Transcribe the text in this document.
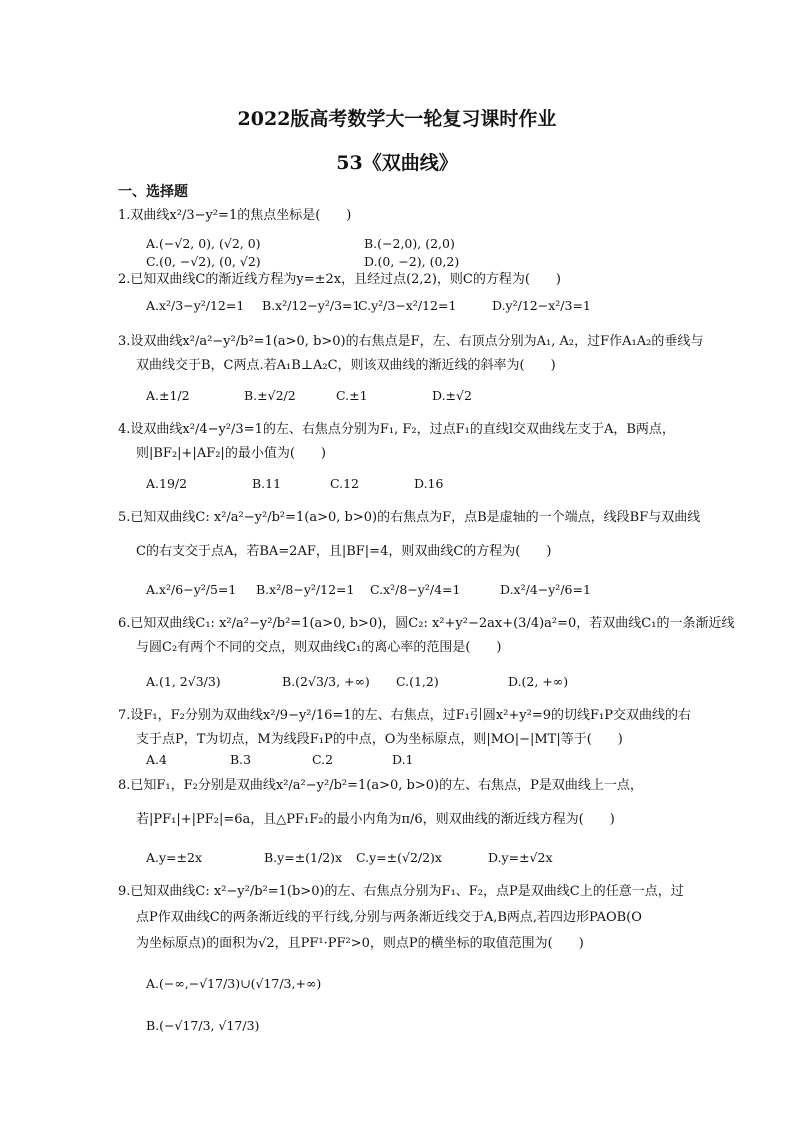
2022版高考数学大一轮复习课时作业
53《双曲线》
一、选择题
1.双曲线x²/3−y²=1的焦点坐标是(　　)
A.(−√2, 0), (√2, 0)	B.(−2,0), (2,0)
C.(0, −√2), (0, √2)	D.(0, −2), (0,2)
2.已知双曲线C的渐近线方程为y=±2x，且经过点(2,2)，则C的方程为(　　)
A.x²/3−y²/12=1 B.x²/12−y²/3=1
C.y²/3−x²/12=1	D.y²/12−x²/3=1
3.设双曲线x²/a²−y²/b²=1(a>0, b>0)的右焦点是F，左、右顶点分别为A₁, A₂，过F作A₁A₂的垂线与
双曲线交于B，C两点.若A₁B⊥A₂C，则该双曲线的渐近线的斜率为(　　)
A.±1/2	B.±√2/2	C.±1	D.±√2
4.设双曲线x²/4−y²/3=1的左、右焦点分别为F₁, F₂，过点F₁的直线l交双曲线左支于A，B两点，
则|BF₂|+|AF₂|的最小值为(　　)
A.19/2	B.11	C.12	D.16
5.已知双曲线C: x²/a²−y²/b²=1(a>0, b>0)的右焦点为F，点B是虚轴的一个端点，线段BF与双曲线
C的右支交于点A，若BA=2AF，且|BF|=4，则双曲线C的方程为(　　)
A.x²/6−y²/5=1 B.x²/8−y²/12=1 C.x²/8−y²/4=1	D.x²/4−y²/6=1
6.已知双曲线C₁: x²/a²−y²/b²=1(a>0, b>0)，圆C₂: x²+y²−2ax+(3/4)a²=0，若双曲线C₁的一条渐近线
与圆C₂有两个不同的交点，则双曲线C₁的离心率的范围是(　　)
A.(1, 2√3/3)	B.(2√3/3, +∞) C.(1,2)	D.(2, +∞)
7.设F₁，F₂分别为双曲线x²/9−y²/16=1的左、右焦点，过F₁引圆x²+y²=9的切线F₁P交双曲线的右
支于点P，T为切点，M为线段F₁P的中点，O为坐标原点，则|MO|−|MT|等于(　　)
A.4	B.3	C.2	D.1
8.已知F₁，F₂分别是双曲线x²/a²−y²/b²=1(a>0, b>0)的左、右焦点，P是双曲线上一点，
若|PF₁|+|PF₂|=6a，且△PF₁F₂的最小内角为π/6，则双曲线的渐近线方程为(　　)
A.y=±2x	B.y=±(1/2)x C.y=±(√2/2)x	D.y=±√2x
9.已知双曲线C: x²−y²/b²=1(b>0)的左、右焦点分别为F₁、F₂，点P是双曲线C上的任意一点，过
点P作双曲线C的两条渐近线的平行线,分别与两条渐近线交于A,B两点,若四边形PAOB(O
为坐标原点)的面积为√2，且PF¹·PF²>0，则点P的横坐标的取值范围为(　　)
A.(−∞,−√17/3)∪(√17/3,+∞)
B.(−√17/3, √17/3)
